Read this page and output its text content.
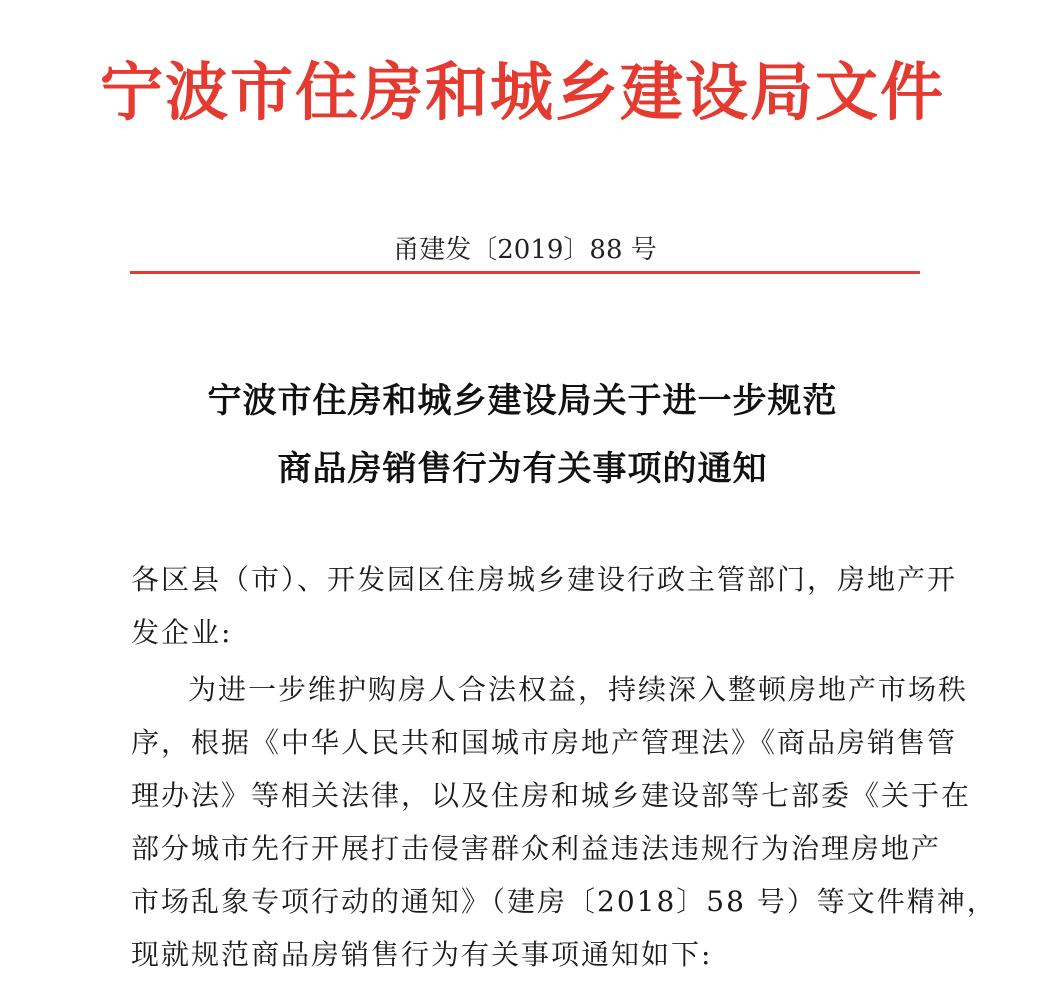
宁波市住房和城乡建设局文件
甬建发〔2019〕88 号
宁波市住房和城乡建设局关于进一步规范
商品房销售行为有关事项的通知
各区县（市）、开发园区住房城乡建设行政主管部门，房地产开
发企业:
为进一步维护购房人合法权益，持续深入整顿房地产市场秩
序，根据《中华人民共和国城市房地产管理法》《商品房销售管
理办法》等相关法律，以及住房和城乡建设部等七部委《关于在
部分城市先行开展打击侵害群众利益违法违规行为治理房地产
市场乱象专项行动的通知》（建房〔2018〕58 号）等文件精神，
现就规范商品房销售行为有关事项通知如下:
